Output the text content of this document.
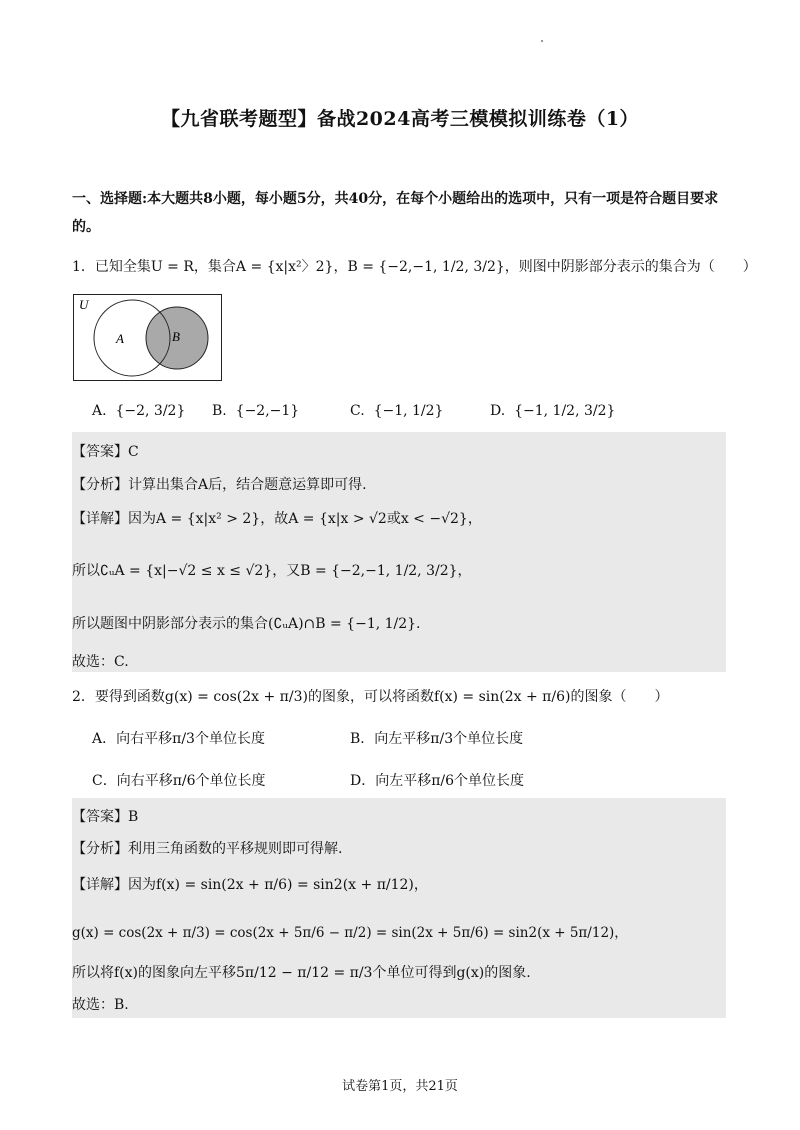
【九省联考题型】备战2024高考三模模拟训练卷（1）
一、选择题:本大题共8小题，每小题5分，共40分，在每个小题给出的选项中，只有一项是符合题目要求的。
1．已知全集U = R，集合A = {x|x²〉2}，B = {−2,−1, 1/2, 3/2}，则图中阴影部分表示的集合为（　　）
U
A	B
A. {−2, 3/2} B. {−2,−1}	C. {−1, 1/2}	D. {−1, 1/2, 3/2}
【答案】C
【分析】计算出集合A后，结合题意运算即可得.
【详解】因为A = {x|x² > 2}，故A = {x|x > √2或x < −√2}，
所以∁ᵤA = {x|−√2 ≤ x ≤ √2}，又B = {−2,−1, 1/2, 3/2}，
所以题图中阴影部分表示的集合(∁ᵤA)∩B = {−1, 1/2}.
故选：C.
2．要得到函数g(x) = cos(2x + π/3)的图象，可以将函数f(x) = sin(2x + π/6)的图象（　　）
A．向右平移π/3个单位长度	B．向左平移π/3个单位长度
C．向右平移π/6个单位长度	D．向左平移π/6个单位长度
【答案】B
【分析】利用三角函数的平移规则即可得解.
【详解】因为f(x) = sin(2x + π/6) = sin2(x + π/12)，
g(x) = cos(2x + π/3) = cos(2x + 5π/6 − π/2) = sin(2x + 5π/6) = sin2(x + 5π/12)，
所以将f(x)的图象向左平移5π/12 − π/12 = π/3个单位可得到g(x)的图象.
故选：B.
试卷第1页，共21页
